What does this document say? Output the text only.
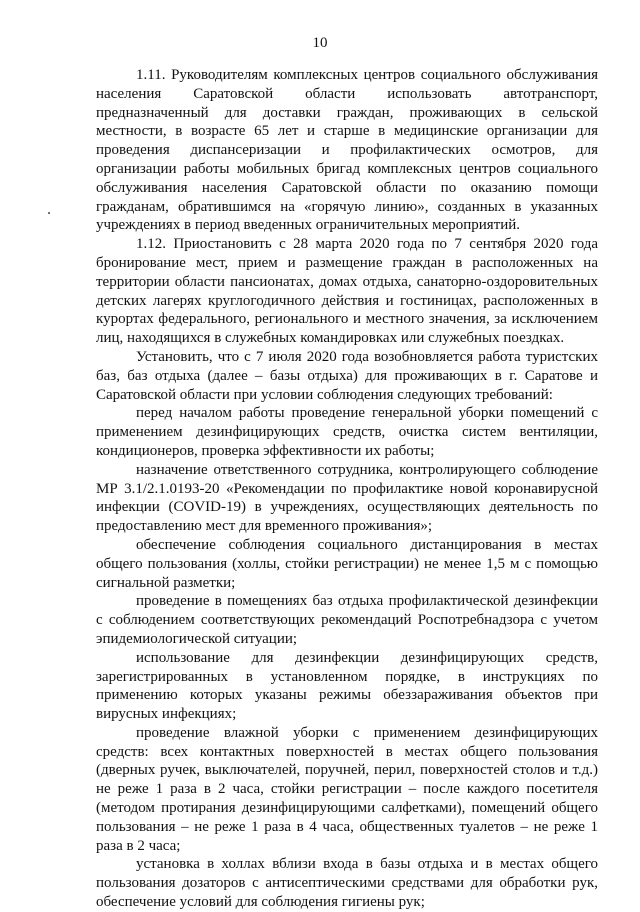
10

1.11. Руководителям комплексных центров социального обслуживания населения Саратовской области использовать автотранспорт, предназначенный для доставки граждан, проживающих в сельской местности, в возрасте 65 лет и старше в медицинские организации для проведения диспансеризации и профилактических осмотров, для организации работы мобильных бригад комплексных центров социального обслуживания населения Саратовской области по оказанию помощи гражданам, обратившимся на «горячую линию», созданных в указанных учреждениях в период введенных ограничительных мероприятий.

1.12. Приостановить с 28 марта 2020 года по 7 сентября 2020 года бронирование мест, прием и размещение граждан в расположенных на территории области пансионатах, домах отдыха, санаторно-оздоровительных детских лагерях круглогодичного действия и гостиницах, расположенных в курортах федерального, регионального и местного значения, за исключением лиц, находящихся в служебных командировках или служебных поездках.

Установить, что с 7 июля 2020 года возобновляется работа туристских баз, баз отдыха (далее – базы отдыха) для проживающих в г. Саратове и Саратовской области при условии соблюдения следующих требований:

перед началом работы проведение генеральной уборки помещений с применением дезинфицирующих средств, очистка систем вентиляции, кондиционеров, проверка эффективности их работы;

назначение ответственного сотрудника, контролирующего соблюдение МР 3.1/2.1.0193-20 «Рекомендации по профилактике новой коронавирусной инфекции (COVID-19) в учреждениях, осуществляющих деятельность по предоставлению мест для временного проживания»;

обеспечение соблюдения социального дистанцирования в местах общего пользования (холлы, стойки регистрации) не менее 1,5 м с помощью сигнальной разметки;

проведение в помещениях баз отдыха профилактической дезинфекции с соблюдением соответствующих рекомендаций Роспотребнадзора с учетом эпидемиологической ситуации;

использование для дезинфекции дезинфицирующих средств, зарегистрированных в установленном порядке, в инструкциях по применению которых указаны режимы обеззараживания объектов при вирусных инфекциях;

проведение влажной уборки с применением дезинфицирующих средств: всех контактных поверхностей в местах общего пользования (дверных ручек, выключателей, поручней, перил, поверхностей столов и т.д.) не реже 1 раза в 2 часа, стойки регистрации – после каждого посетителя (методом протирания дезинфицирующими салфетками), помещений общего пользования – не реже 1 раза в 4 часа, общественных туалетов – не реже 1 раза в 2 часа;

установка в холлах вблизи входа в базы отдыха и в местах общего пользования дозаторов с антисептическими средствами для обработки рук, обеспечение условий для соблюдения гигиены рук;
